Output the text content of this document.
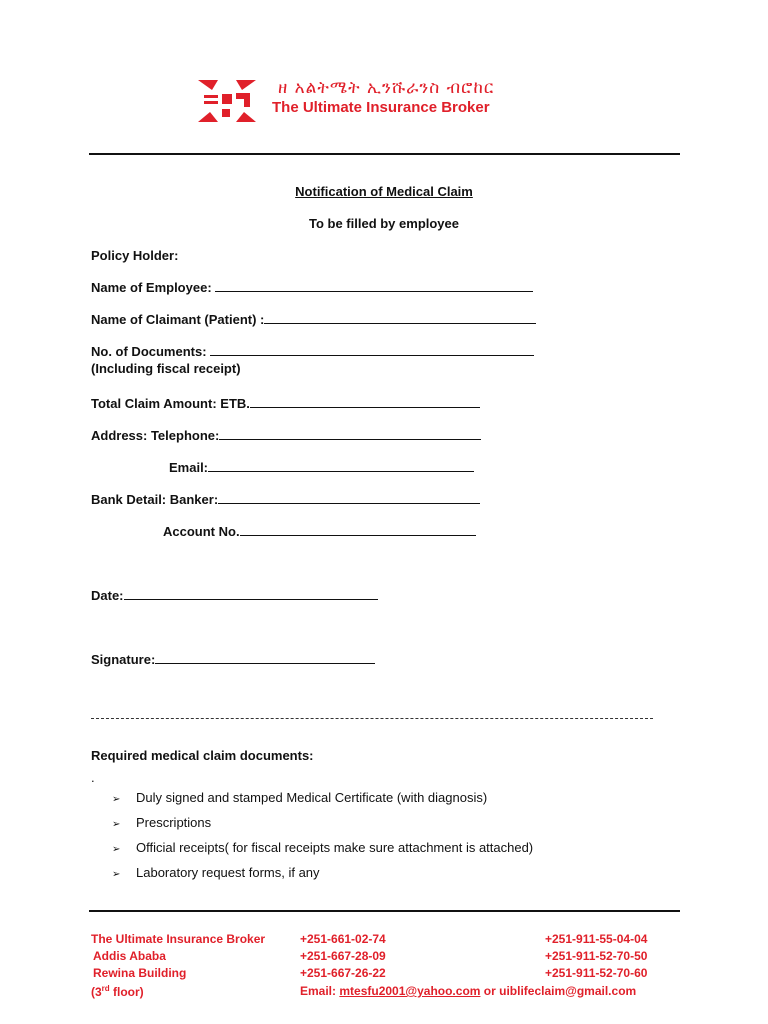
ዘ አልትሜት ኢንሹራንስ ብሮከር
The Ultimate Insurance Broker
Notification of Medical Claim
To be filled by employee
Policy Holder:
Name of Employee:
Name of Claimant (Patient) :
No. of Documents:
(Including fiscal receipt)
Total Claim Amount: ETB.
Address: Telephone:
Email:
Bank Detail: Banker:
Account No.
Date:
Signature:
Required medical claim documents:
.
➢ Duly signed and stamped Medical Certificate (with diagnosis)
➢ Prescriptions
➢ Official receipts( for fiscal receipts make sure attachment is attached)
➢ Laboratory request forms, if any
The Ultimate Insurance Broker
Addis Ababa
Rewina Building
(3rd floor)
+251-661-02-74
+251-667-28-09
+251-667-26-22
+251-911-55-04-04
+251-911-52-70-50
+251-911-52-70-60
Email: mtesfu2001@yahoo.com or uiblifeclaim@gmail.com
